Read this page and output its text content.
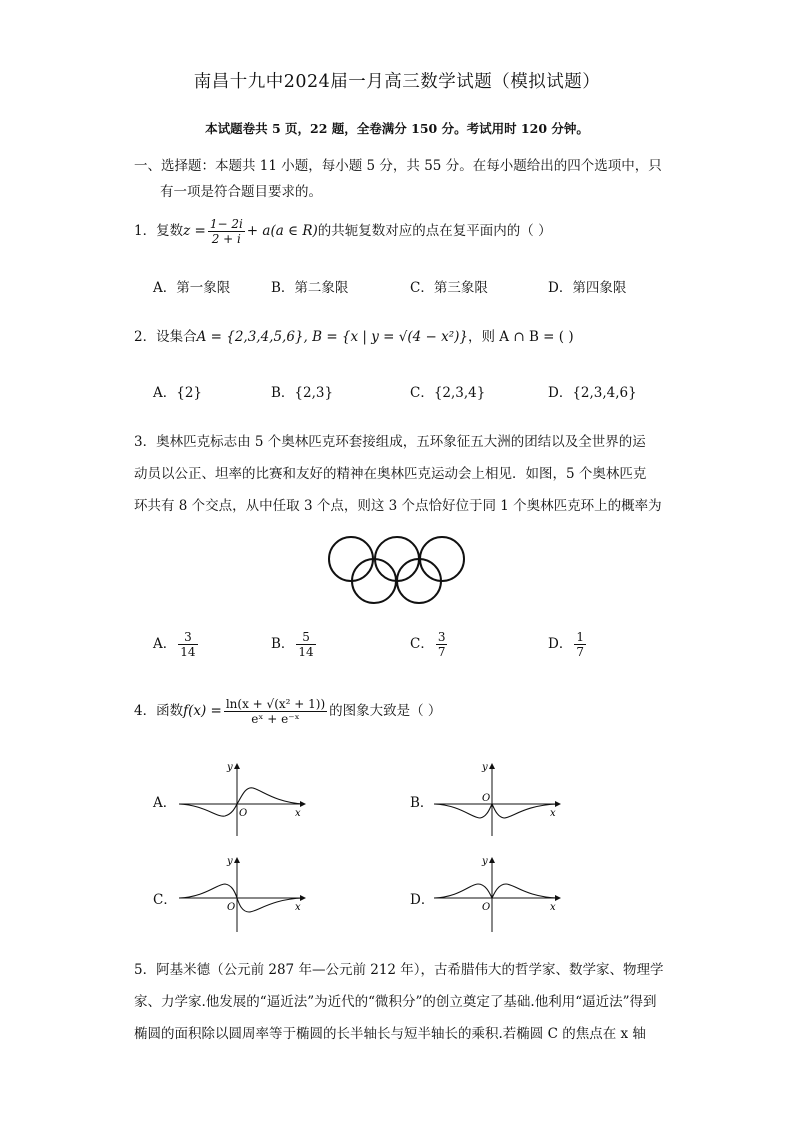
南昌十九中2024届一月高三数学试题（模拟试题）
本试题卷共 5 页，22 题，全卷满分 150 分。考试用时 120 分钟。
一、选择题：本题共 11 小题，每小题 5 分，共 55 分。在每小题给出的四个选项中，只
有一项是符合题目要求的。
1．复数$z = \frac{1- 2i}{2 + i} + a(a$ ∈ R)的共轭复数对应的点在复平面内的（ ）
A．第一象限	B．第二象限	C．第三象限	D．第四象限
2．设集合A = {2,3,4,5,6}, B = {x | y = √(4 − x²)}，则 A ∩ B = ( )
A．{2}	B．{2,3}	C．{2,3,4}	D．{2,3,4,6}
3．奥林匹克标志由 5 个奥林匹克环套接组成，五环象征五大洲的团结以及全世界的运
动员以公正、坦率的比赛和友好的精神在奥林匹克运动会上相见．如图，5 个奥林匹克
环共有 8 个交点，从中任取 3 个点，则这 3 个点恰好位于同 1 个奥林匹克环上的概率为
A． $\frac{3}{14}$	B． $\frac{5}{14}$	C． $\frac{3}{7}$	D． $\frac{1}{7}$
4．函数$f(x) = \frac{\text{ln(x + √(x² + 1))}}{\text{eˣ + e⁻ˣ}}$ 的图象大致是（ ）
A．
x
y
O
B．
x
y
O
C．	x
y
O	D．	x
y
O
5．阿基米德（公元前 287 年—公元前 212 年），古希腊伟大的哲学家、数学家、物理学
家、力学家.他发展的“逼近法”为近代的“微积分”的创立奠定了基础.他利用“逼近法”得到
椭圆的面积除以圆周率等于椭圆的长半轴长与短半轴长的乘积.若椭圆 C 的焦点在 x 轴
